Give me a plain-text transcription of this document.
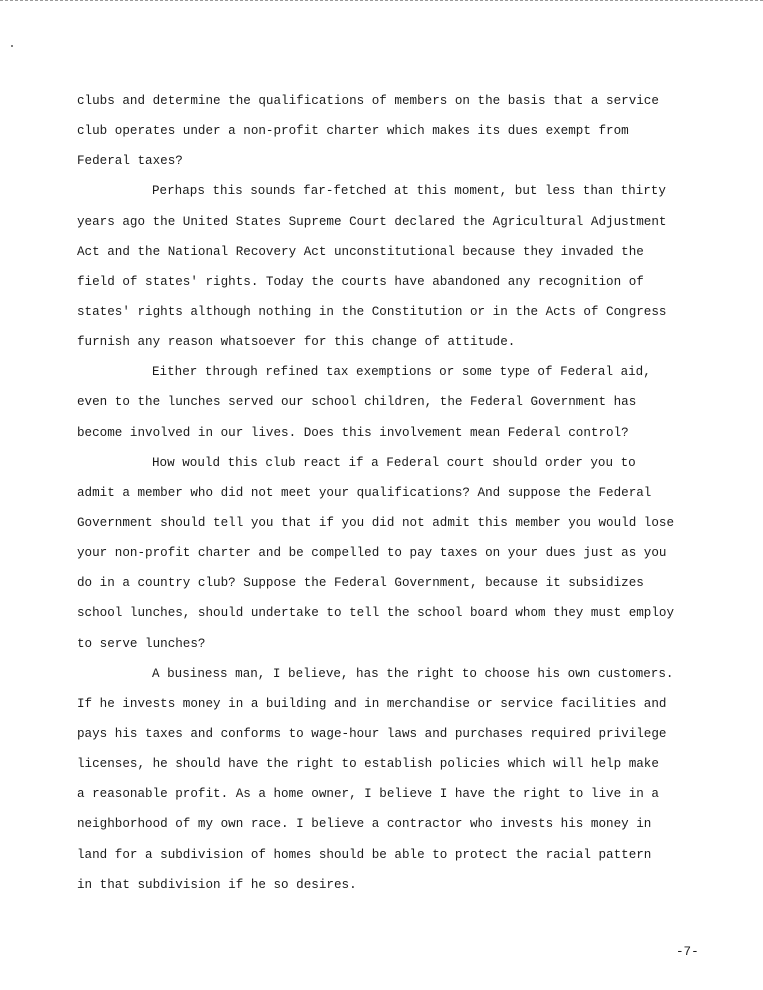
clubs and determine the qualifications of members on the basis that a service
club operates under a non-profit charter which makes its dues exempt from
Federal taxes?
Perhaps this sounds far-fetched at this moment, but less than thirty
years ago the United States Supreme Court declared the Agricultural Adjustment
Act and the National Recovery Act unconstitutional because they invaded the
field of states' rights. Today the courts have abandoned any recognition of
states' rights although nothing in the Constitution or in the Acts of Congress
furnish any reason whatsoever for this change of attitude.
Either through refined tax exemptions or some type of Federal aid,
even to the lunches served our school children, the Federal Government has
become involved in our lives. Does this involvement mean Federal control?
How would this club react if a Federal court should order you to
admit a member who did not meet your qualifications? And suppose the Federal
Government should tell you that if you did not admit this member you would lose
your non-profit charter and be compelled to pay taxes on your dues just as you
do in a country club? Suppose the Federal Government, because it subsidizes
school lunches, should undertake to tell the school board whom they must employ
to serve lunches?
A business man, I believe, has the right to choose his own customers.
If he invests money in a building and in merchandise or service facilities and
pays his taxes and conforms to wage-hour laws and purchases required privilege
licenses, he should have the right to establish policies which will help make
a reasonable profit. As a home owner, I believe I have the right to live in a
neighborhood of my own race. I believe a contractor who invests his money in
land for a subdivision of homes should be able to protect the racial pattern
in that subdivision if he so desires.
-7-
